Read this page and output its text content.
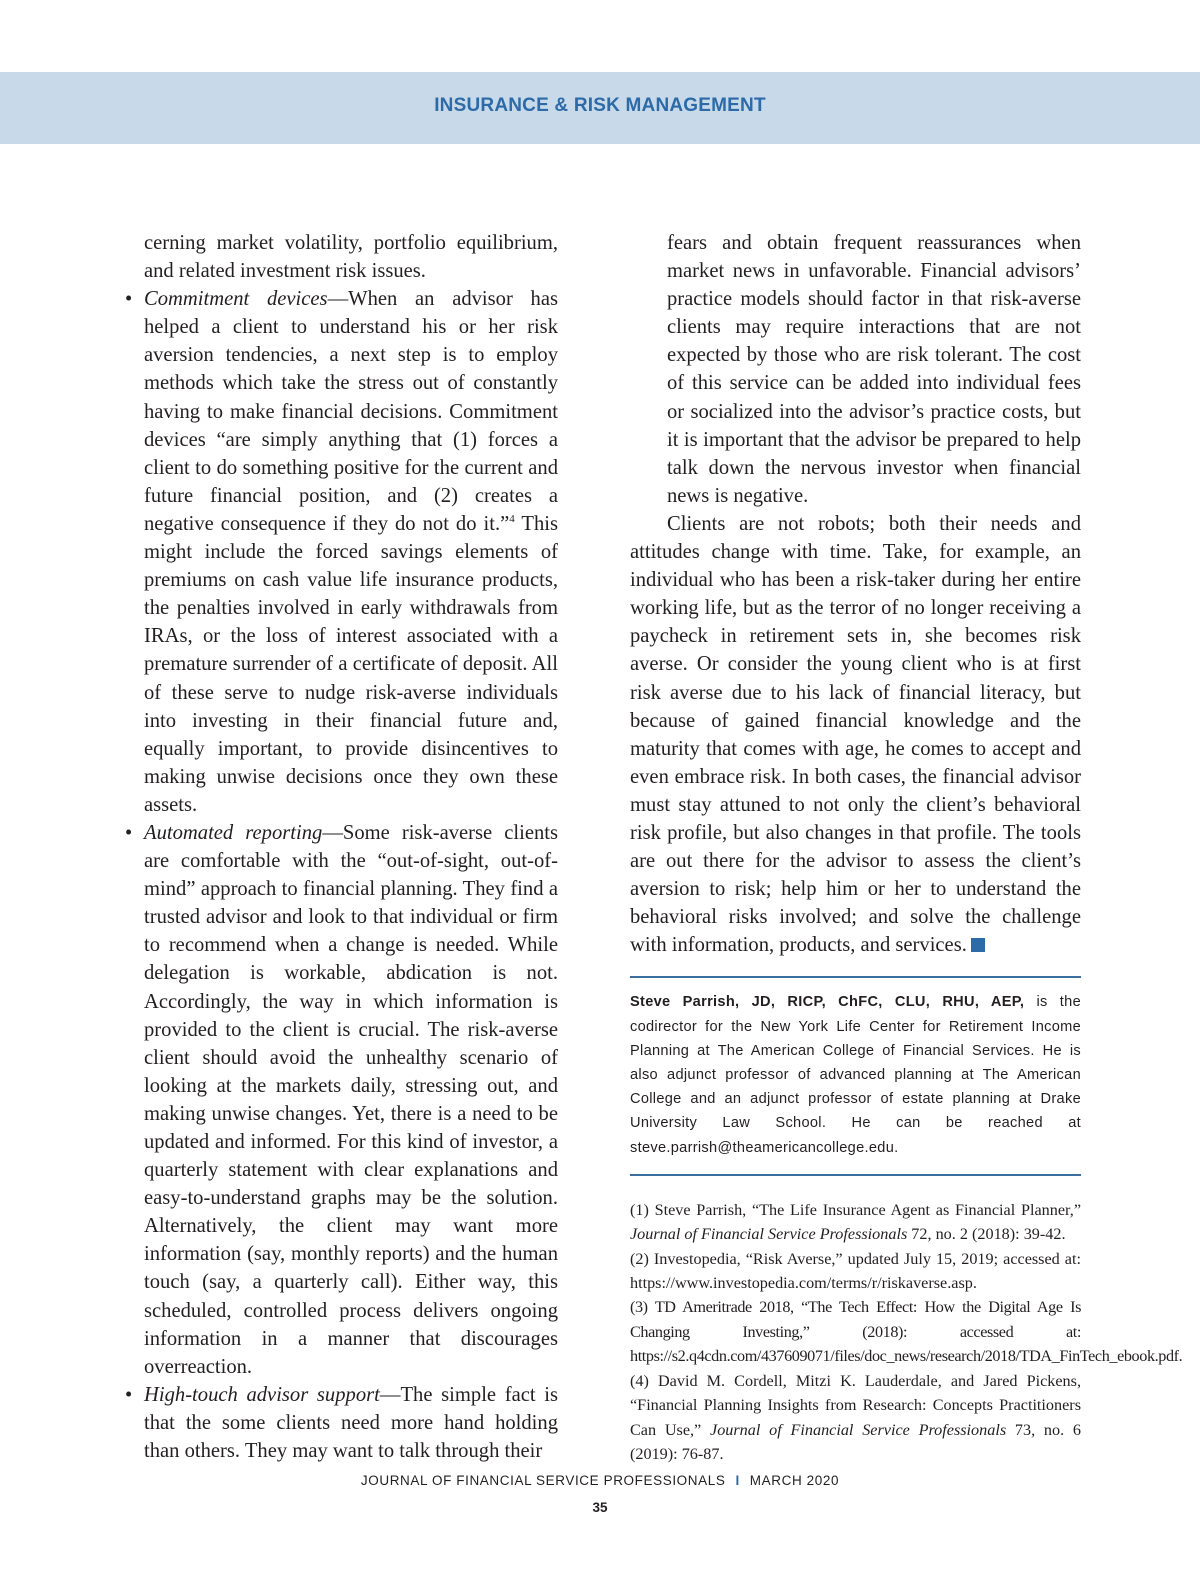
INSURANCE & RISK MANAGEMENT

cerning market volatility, portfolio equilibrium, and related investment risk issues.

• Commitment devices—When an advisor has helped a client to understand his or her risk aversion tendencies, a next step is to employ methods which take the stress out of constantly having to make financial decisions. Commitment devices “are simply anything that (1) forces a client to do something positive for the current and future financial position, and (2) creates a negative consequence if they do not do it.”$^4$ This might include the forced savings elements of premiums on cash value life insurance products, the penalties involved in early withdrawals from IRAs, or the loss of interest associated with a premature surrender of a certificate of deposit. All of these serve to nudge risk-averse individuals into investing in their financial future and, equally important, to provide disincentives to making unwise decisions once they own these assets.

• Automated reporting—Some risk-averse clients are comfortable with the “out-of-sight, out-of-mind” approach to financial planning. They find a trusted advisor and look to that individual or firm to recommend when a change is needed. While delegation is workable, abdication is not. Accordingly, the way in which information is provided to the client is crucial. The risk-averse client should avoid the unhealthy scenario of looking at the markets daily, stressing out, and making unwise changes. Yet, there is a need to be updated and informed. For this kind of investor, a quarterly statement with clear explanations and easy-to-understand graphs may be the solution. Alternatively, the client may want more information (say, monthly reports) and the human touch (say, a quarterly call). Either way, this scheduled, controlled process delivers ongoing information in a manner that discourages overreaction.

• High-touch advisor support—The simple fact is that the some clients need more hand holding than others. They may want to talk through their

fears and obtain frequent reassurances when market news in unfavorable. Financial advisors’ practice models should factor in that risk-averse clients may require interactions that are not expected by those who are risk tolerant. The cost of this service can be added into individual fees or socialized into the advisor’s practice costs, but it is important that the advisor be prepared to help talk down the nervous investor when financial news is negative.

Clients are not robots; both their needs and attitudes change with time. Take, for example, an individual who has been a risk-taker during her entire working life, but as the terror of no longer receiving a paycheck in retirement sets in, she becomes risk averse. Or consider the young client who is at first risk averse due to his lack of financial literacy, but because of gained financial knowledge and the maturity that comes with age, he comes to accept and even embrace risk. In both cases, the financial advisor must stay attuned to not only the client’s behavioral risk profile, but also changes in that profile. The tools are out there for the advisor to assess the client’s aversion to risk; help him or her to understand the behavioral risks involved; and solve the challenge with information, products, and services.

Steve Parrish, JD, RICP, ChFC, CLU, RHU, AEP, is the codirector for the New York Life Center for Retirement Income Planning at The American College of Financial Services. He is also adjunct professor of advanced planning at The American College and an adjunct professor of estate planning at Drake University Law School. He can be reached at steve.parrish@theamericancollege.edu.

(1) Steve Parrish, “The Life Insurance Agent as Financial Planner,” Journal of Financial Service Professionals 72, no. 2 (2018): 39-42.

(2) Investopedia, “Risk Averse,” updated July 15, 2019; accessed at: https://www.investopedia.com/terms/r/riskaverse.asp.

(3) TD Ameritrade 2018, “The Tech Effect: How the Digital Age Is Changing Investing,” (2018): accessed at: https://s2.q4cdn.com/437609071/files/doc_news/research/2018/TDA_FinTech_ebook.pdf.

(4) David M. Cordell, Mitzi K. Lauderdale, and Jared Pickens, “Financial Planning Insights from Research: Concepts Practitioners Can Use,” Journal of Financial Service Professionals 73, no. 6 (2019): 76-87.

JOURNAL OF FINANCIAL SERVICE PROFESSIONALS I MARCH 2020
35
